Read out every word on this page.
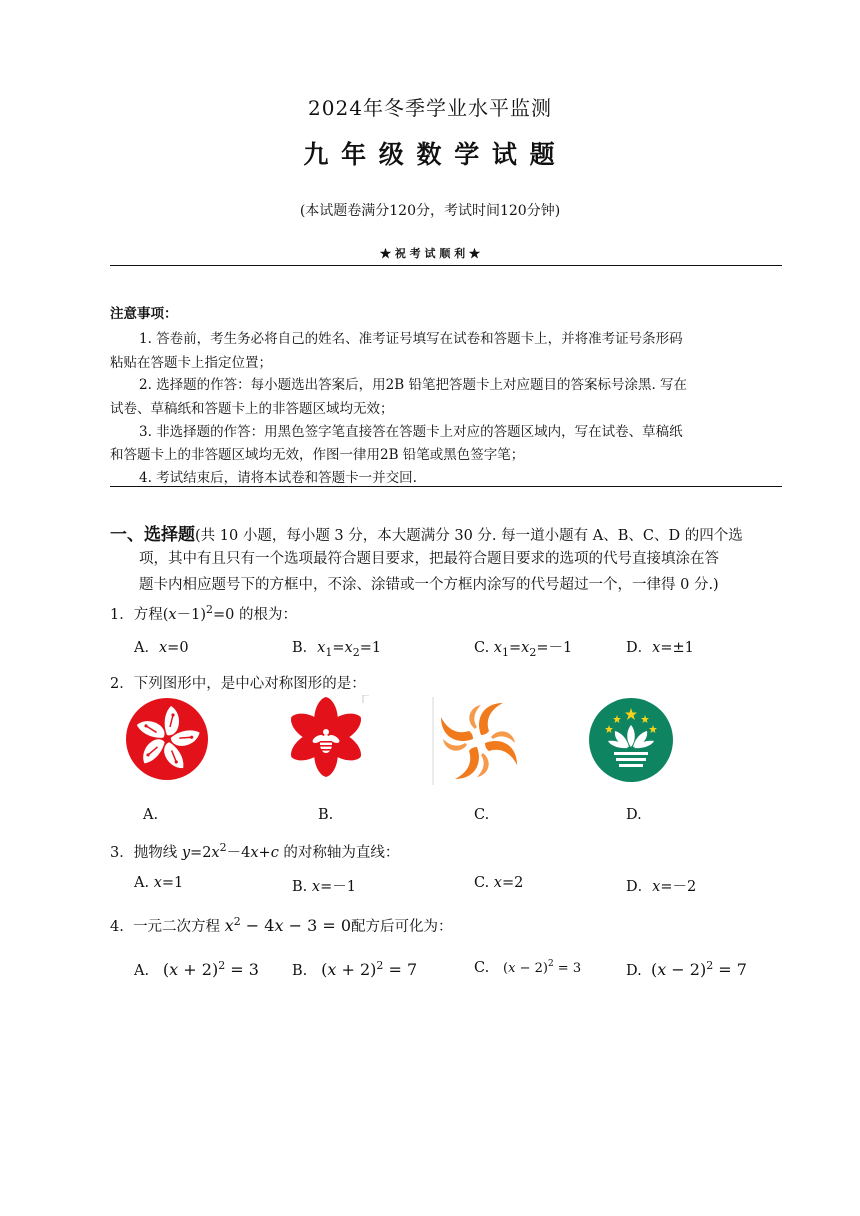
2024年冬季学业水平监测
九 年 级 数 学 试 题
(本试题卷满分120分，考试时间120分钟)
★ 祝 考 试 顺 利 ★

注意事项：

1. 答卷前，考生务必将自己的姓名、准考证号填写在试卷和答题卡上，并将准考证号条形码

粘贴在答题卡上指定位置；

2. 选择题的作答：每小题选出答案后，用2B 铅笔把答题卡上对应题目的答案标号涂黑. 写在

试卷、草稿纸和答题卡上的非答题区域均无效；

3. 非选择题的作答：用黑色签字笔直接答在答题卡上对应的答题区域内，写在试卷、草稿纸

和答题卡上的非答题区域均无效，作图一律用2B 铅笔或黑色签字笔；

4. 考试结束后，请将本试卷和答题卡一并交回.

一、选择题(共 10 小题，每小题 3 分，本大题满分 30 分. 每一道小题有 A、B、C、D 的四个选
项，其中有且只有一个选项最符合题目要求，把最符合题目要求的选项的代号直接填涂在答
题卡内相应题号下的方框中，不涂、涂错或一个方框内涂写的代号超过一个，一律得 0 分.)
1．方程$(x-1)^2=0$ 的根为：
A．x=0	B．$x_1=x_2=1$	C. $x_1=x_2=-1$	D．x=±1
2．下列图形中，是中心对称图形的是：
A.	B.	C.	D.
3．抛物线 $y=2x^2-4x+c$ 的对称轴为直线：
A. x=1	B. x=－1	C. x=2	D．x=－2
4. 一元二次方程 $x^2 - 4x - 3 = 0$配方后可化为：
A. $(x + 2)^2 = 3$ B. $(x + 2)^2 = 7$	C. $(x - 2)^2 = 3$	D. $(x - 2)^2 = 7$
